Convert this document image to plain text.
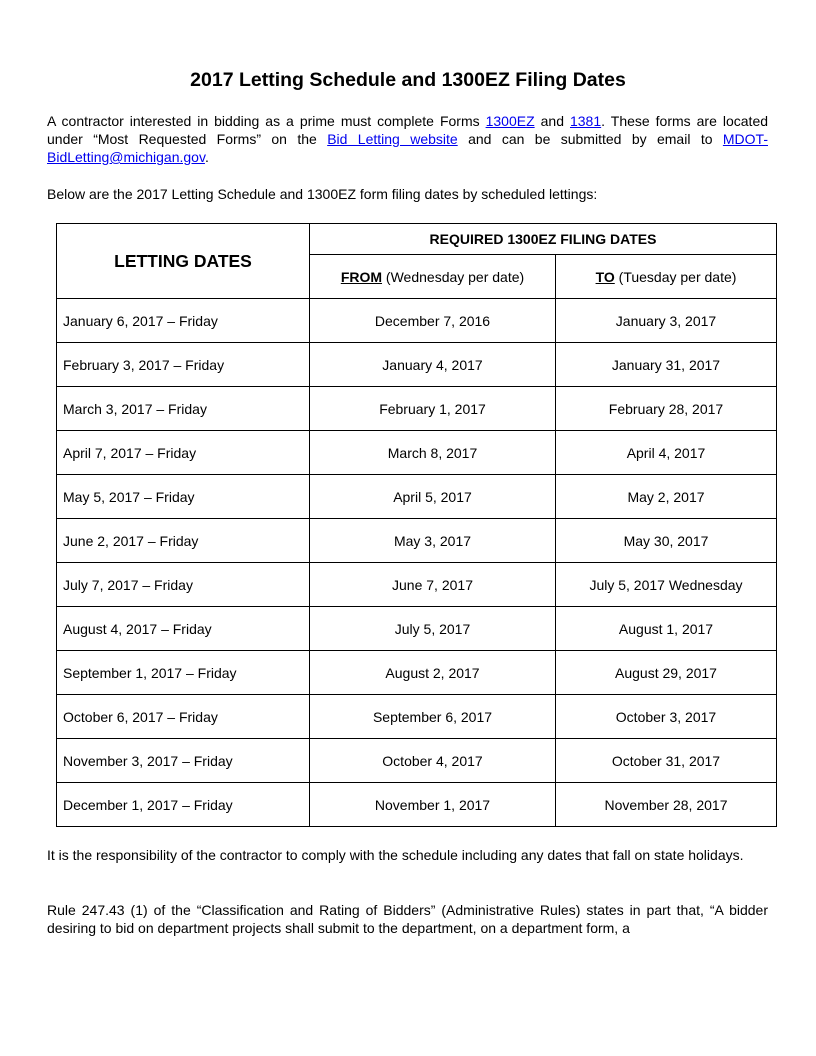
2017 Letting Schedule and 1300EZ Filing Dates

A contractor interested in bidding as a prime must complete Forms 1300EZ and 1381. These forms are located under “Most Requested Forms” on the Bid Letting website and can be submitted by email to MDOT-BidLetting@michigan.gov.

Below are the 2017 Letting Schedule and 1300EZ form filing dates by scheduled lettings:

LETTING DATES	REQUIRED 1300EZ FILING DATES	
	FROM (Wednesday per date)	TO (Tuesday per date)
January 6, 2017 – Friday	December 7, 2016	January 3, 2017
February 3, 2017 – Friday	January 4, 2017	January 31, 2017
March 3, 2017 – Friday	February 1, 2017	February 28, 2017
April 7, 2017 – Friday	March 8, 2017	April 4, 2017
May 5, 2017 – Friday	April 5, 2017	May 2, 2017
June 2, 2017 – Friday	May 3, 2017	May 30, 2017
July 7, 2017 – Friday	June 7, 2017	July 5, 2017 Wednesday
August 4, 2017 – Friday	July 5, 2017	August 1, 2017
September 1, 2017 – Friday	August 2, 2017	August 29, 2017
October 6, 2017 – Friday	September 6, 2017	October 3, 2017
November 3, 2017 – Friday	October 4, 2017	October 31, 2017
December 1, 2017 – Friday	November 1, 2017	November 28, 2017

It is the responsibility of the contractor to comply with the schedule including any dates that fall on state holidays.

Rule 247.43 (1) of the “Classification and Rating of Bidders” (Administrative Rules) states in part that, “A bidder desiring to bid on department projects shall submit to the department, on a department form, a
